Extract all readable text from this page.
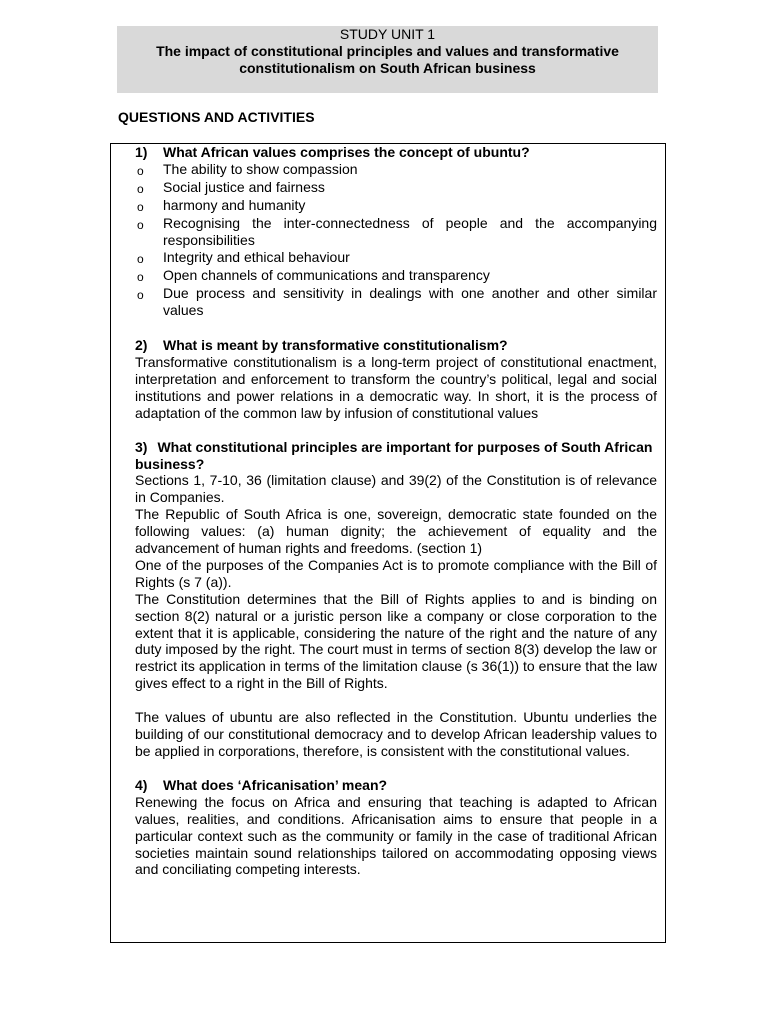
STUDY UNIT 1
The impact of constitutional principles and values and transformative constitutionalism on South African business
QUESTIONS AND ACTIVITIES
1) What African values comprises the concept of ubuntu?
o The ability to show compassion
o Social justice and fairness
o harmony and humanity
o Recognising the inter-connectedness of people and the accompanying responsibilities
o Integrity and ethical behaviour
o Open channels of communications and transparency
o Due process and sensitivity in dealings with one another and other similar values
2) What is meant by transformative constitutionalism?

Transformative constitutionalism is a long-term project of constitutional enactment, interpretation and enforcement to transform the country’s political, legal and social institutions and power relations in a democratic way. In short, it is the process of adaptation of the common law by infusion of constitutional values

3) What constitutional principles are important for purposes of South African business?

Sections 1, 7-10, 36 (limitation clause) and 39(2) of the Constitution is of relevance in Companies.

The Republic of South Africa is one, sovereign, democratic state founded on the following values: (a) human dignity; the achievement of equality and the advancement of human rights and freedoms. (section 1)

One of the purposes of the Companies Act is to promote compliance with the Bill of Rights (s 7 (a)).

The Constitution determines that the Bill of Rights applies to and is binding on section 8(2) natural or a juristic person like a company or close corporation to the extent that it is applicable, considering the nature of the right and the nature of any duty imposed by the right. The court must in terms of section 8(3) develop the law or restrict its application in terms of the limitation clause (s 36(1)) to ensure that the law gives effect to a right in the Bill of Rights.

The values of ubuntu are also reflected in the Constitution. Ubuntu underlies the building of our constitutional democracy and to develop African leadership values to be applied in corporations, therefore, is consistent with the constitutional values.

4) What does ‘Africanisation’ mean?

Renewing the focus on Africa and ensuring that teaching is adapted to African values, realities, and conditions. Africanisation aims to ensure that people in a particular context such as the community or family in the case of traditional African societies maintain sound relationships tailored on accommodating opposing views and conciliating competing interests.
